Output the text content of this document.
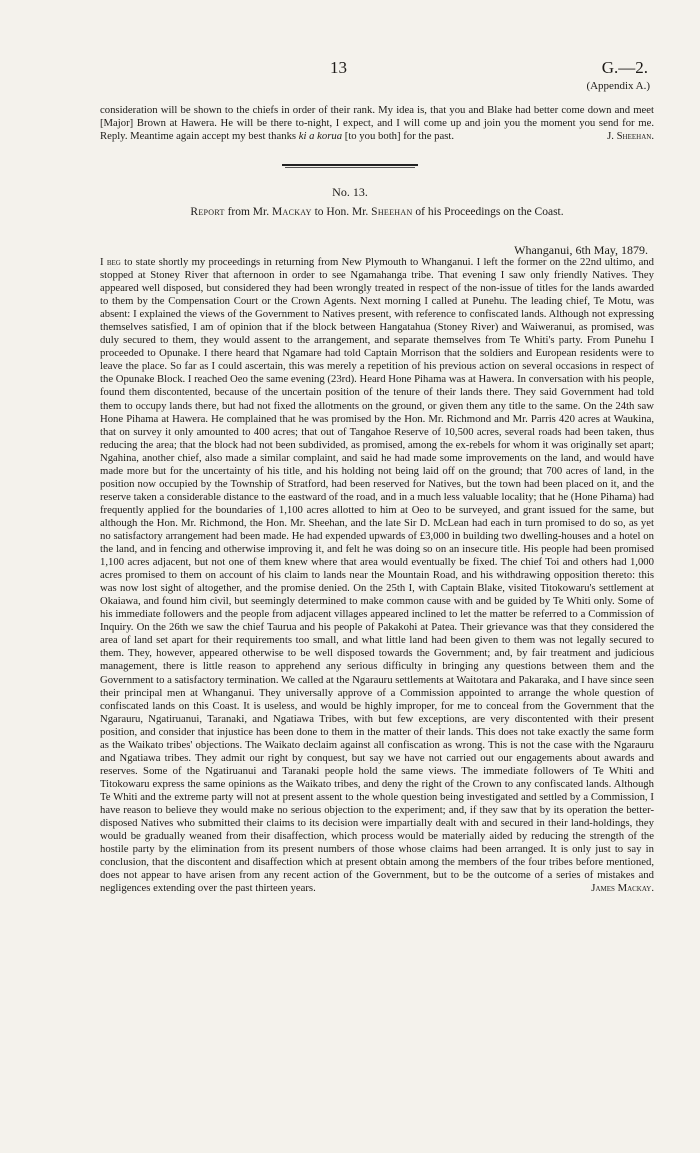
13	G.—2.
(Appendix A.)

consideration will be shown to the chiefs in order of their rank. My idea is, that you and Blake had better come down and meet [Major] Brown at Hawera. He will be there to-night, I expect, and I will come up and join you the moment you send for me. Reply. Meantime again accept my best thanks ki a korua [to you both] for the past.	J. Sheehan.

No. 13.
Report from Mr. Mackay to Hon. Mr. Sheehan of his Proceedings on the Coast.
Whanganui, 6th May, 1879.

I beg to state shortly my proceedings in returning from New Plymouth to Whanganui. I left the former on the 22nd ultimo, and stopped at Stoney River that afternoon in order to see Ngamahanga tribe. That evening I saw only friendly Natives. They appeared well disposed, but considered they had been wrongly treated in respect of the non-issue of titles for the lands awarded to them by the Compensation Court or the Crown Agents. Next morning I called at Punehu. The leading chief, Te Motu, was absent: I explained the views of the Government to Natives present, with reference to confiscated lands. Although not expressing themselves satisfied, I am of opinion that if the block between Hangatahua (Stoney River) and Waiweranui, as promised, was duly secured to them, they would assent to the arrangement, and separate themselves from Te Whiti's party. From Punehu I proceeded to Opunake. I there heard that Ngamare had told Captain Morrison that the soldiers and European residents were to leave the place. So far as I could ascertain, this was merely a repetition of his previous action on several occasions in respect of the Opunake Block. I reached Oeo the same evening (23rd). Heard Hone Pihama was at Hawera. In conversation with his people, found them discontented, because of the uncertain position of the tenure of their lands there. They said Government had told them to occupy lands there, but had not fixed the allotments on the ground, or given them any title to the same. On the 24th saw Hone Pihama at Hawera. He complained that he was promised by the Hon. Mr. Richmond and Mr. Parris 420 acres at Waukina, that on survey it only amounted to 400 acres; that out of Tangahoe Reserve of 10,500 acres, several roads had been taken, thus reducing the area; that the block had not been subdivided, as promised, among the ex-rebels for whom it was originally set apart; Ngahina, another chief, also made a similar complaint, and said he had made some improvements on the land, and would have made more but for the uncertainty of his title, and his holding not being laid off on the ground; that 700 acres of land, in the position now occupied by the Township of Stratford, had been reserved for Natives, but the town had been placed on it, and the reserve taken a considerable distance to the eastward of the road, and in a much less valuable locality; that he (Hone Pihama) had frequently applied for the boundaries of 1,100 acres allotted to him at Oeo to be surveyed, and grant issued for the same, but although the Hon. Mr. Richmond, the Hon. Mr. Sheehan, and the late Sir D. McLean had each in turn promised to do so, as yet no satisfactory arrangement had been made. He had expended upwards of £3,000 in building two dwelling-houses and a hotel on the land, and in fencing and otherwise improving it, and felt he was doing so on an insecure title. His people had been promised 1,100 acres adjacent, but not one of them knew where that area would eventually be fixed. The chief Toi and others had 1,000 acres promised to them on account of his claim to lands near the Mountain Road, and his withdrawing opposition thereto: this was now lost sight of altogether, and the promise denied. On the 25th I, with Captain Blake, visited Titokowaru's settlement at Okaiawa, and found him civil, but seemingly determined to make common cause with and be guided by Te Whiti only. Some of his immediate followers and the people from adjacent villages appeared inclined to let the matter be referred to a Commission of Inquiry. On the 26th we saw the chief Taurua and his people of Pakakohi at Patea. Their grievance was that they considered the area of land set apart for their requirements too small, and what little land had been given to them was not legally secured to them. They, however, appeared otherwise to be well disposed towards the Government; and, by fair treatment and judicious management, there is little reason to apprehend any serious difficulty in bringing any questions between them and the Government to a satisfactory termination. We called at the Ngarauru settlements at Waitotara and Pakaraka, and I have since seen their principal men at Whanganui. They universally approve of a Commission appointed to arrange the whole question of confiscated lands on this Coast. It is useless, and would be highly improper, for me to conceal from the Government that the Ngarauru, Ngatiruanui, Taranaki, and Ngatiawa Tribes, with but few exceptions, are very discontented with their present position, and consider that injustice has been done to them in the matter of their lands. This does not take exactly the same form as the Waikato tribes' objections. The Waikato declaim against all confiscation as wrong. This is not the case with the Ngarauru and Ngatiawa tribes. They admit our right by conquest, but say we have not carried out our engagements about awards and reserves. Some of the Ngatiruanui and Taranaki people hold the same views. The immediate followers of Te Whiti and Titokowaru express the same opinions as the Waikato tribes, and deny the right of the Crown to any confiscated lands. Although Te Whiti and the extreme party will not at present assent to the whole question being investigated and settled by a Commission, I have reason to believe they would make no serious objection to the experiment; and, if they saw that by its operation the better-disposed Natives who submitted their claims to its decision were impartially dealt with and secured in their land-holdings, they would be gradually weaned from their disaffection, which process would be materially aided by reducing the strength of the hostile party by the elimination from its present numbers of those whose claims had been arranged. It is only just to say in conclusion, that the discontent and disaffection which at present obtain among the members of the four tribes before mentioned, does not appear to have arisen from any recent action of the Government, but to be the outcome of a series of mistakes and negligences extending over the past thirteen years.	James Mackay.
